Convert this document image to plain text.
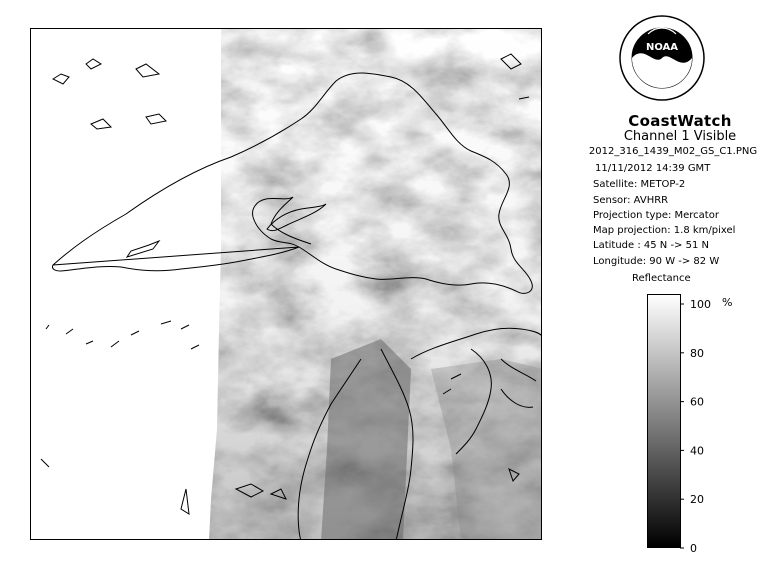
NOAA
CoastWatch
Channel 1 Visible
2012_316_1439_M02_GS_C1.PNG
11/11/2012 14:39 GMT
Satellite: METOP-2
Sensor: AVHRR
Projection type: Mercator
Map projection: 1.8 km/pixel
Latitude : 45 N -> 51 N
Longitude: 90 W -> 82 W
Reflectance
0
20
40
60
80
100 %
